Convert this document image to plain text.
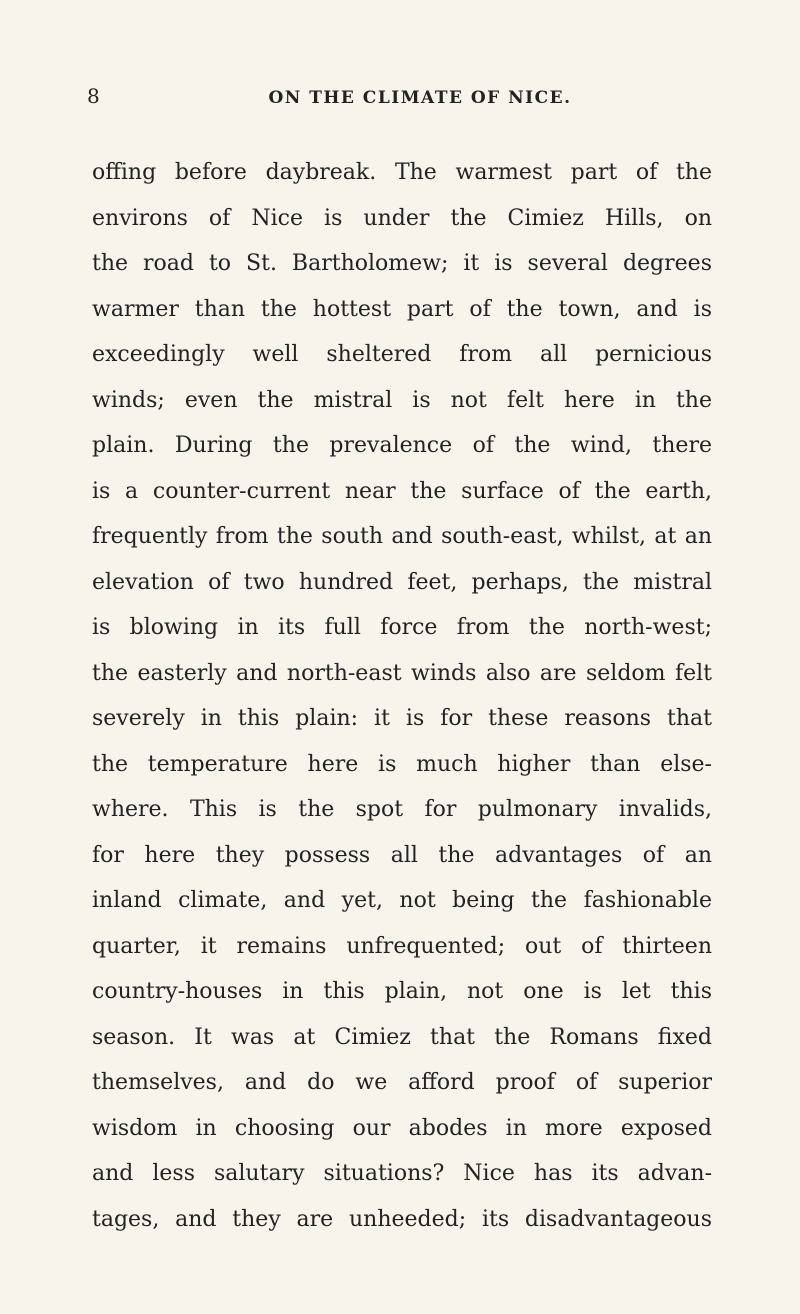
8	ON THE CLIMATE OF NICE.
offing before daybreak. The warmest part of the
environs of Nice is under the Cimiez Hills, on
the road to St. Bartholomew; it is several degrees
warmer than the hottest part of the town, and is
exceedingly well sheltered from all pernicious
winds; even the mistral is not felt here in the
plain. During the prevalence of the wind, there
is a counter-current near the surface of the earth,
frequently from the south and south-east, whilst, at an
elevation of two hundred feet, perhaps, the mistral
is blowing in its full force from the north-west;
the easterly and north-east winds also are seldom felt
severely in this plain: it is for these reasons that
the temperature here is much higher than else-
where. This is the spot for pulmonary invalids,
for here they possess all the advantages of an
inland climate, and yet, not being the fashionable
quarter, it remains unfrequented; out of thirteen
country-houses in this plain, not one is let this
season. It was at Cimiez that the Romans fixed
themselves, and do we afford proof of superior
wisdom in choosing our abodes in more exposed
and less salutary situations? Nice has its advan-
tages, and they are unheeded; its disadvantageous
